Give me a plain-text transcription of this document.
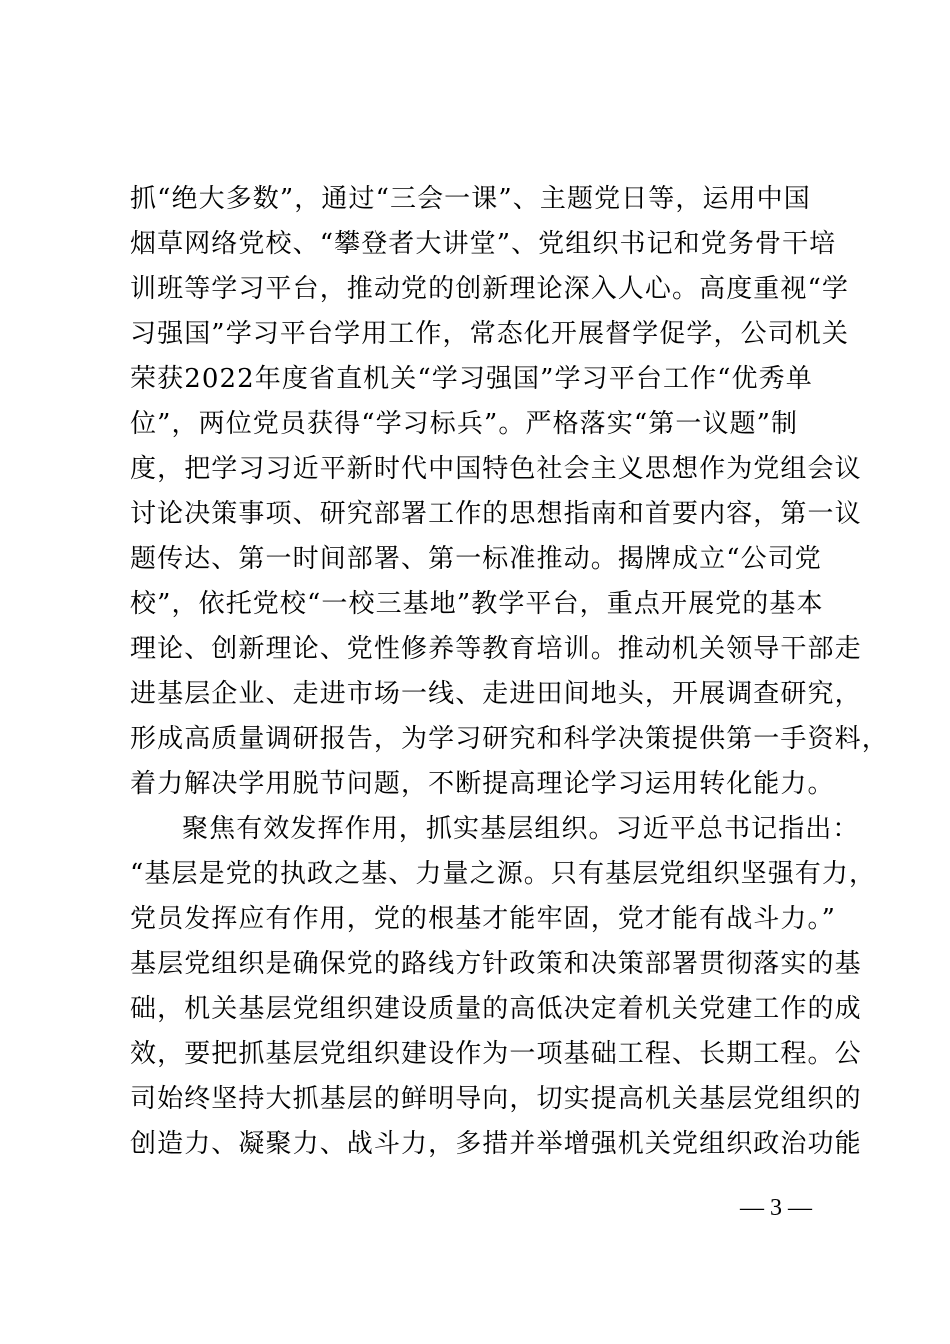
抓“绝大多数”，通过“三会一课”、主题党日等，运用中国
烟草网络党校、“攀登者大讲堂”、党组织书记和党务骨干培
训班等学习平台，推动党的创新理论深入人心。高度重视“学
习强国”学习平台学用工作，常态化开展督学促学，公司机关
荣获2022年度省直机关“学习强国”学习平台工作“优秀单
位”，两位党员获得“学习标兵”。严格落实“第一议题”制
度，把学习习近平新时代中国特色社会主义思想作为党组会议
讨论决策事项、研究部署工作的思想指南和首要内容，第一议
题传达、第一时间部署、第一标准推动。揭牌成立“公司党
校”，依托党校“一校三基地”教学平台，重点开展党的基本
理论、创新理论、党性修养等教育培训。推动机关领导干部走
进基层企业、走进市场一线、走进田间地头，开展调查研究，
形成高质量调研报告，为学习研究和科学决策提供第一手资料，
着力解决学用脱节问题，不断提高理论学习运用转化能力。
聚焦有效发挥作用，抓实基层组织。习近平总书记指出：
“基层是党的执政之基、力量之源。只有基层党组织坚强有力，
党员发挥应有作用，党的根基才能牢固，党才能有战斗力。”
基层党组织是确保党的路线方针政策和决策部署贯彻落实的基
础，机关基层党组织建设质量的高低决定着机关党建工作的成
效，要把抓基层党组织建设作为一项基础工程、长期工程。公
司始终坚持大抓基层的鲜明导向，切实提高机关基层党组织的
创造力、凝聚力、战斗力，多措并举增强机关党组织政治功能
— 3 —
